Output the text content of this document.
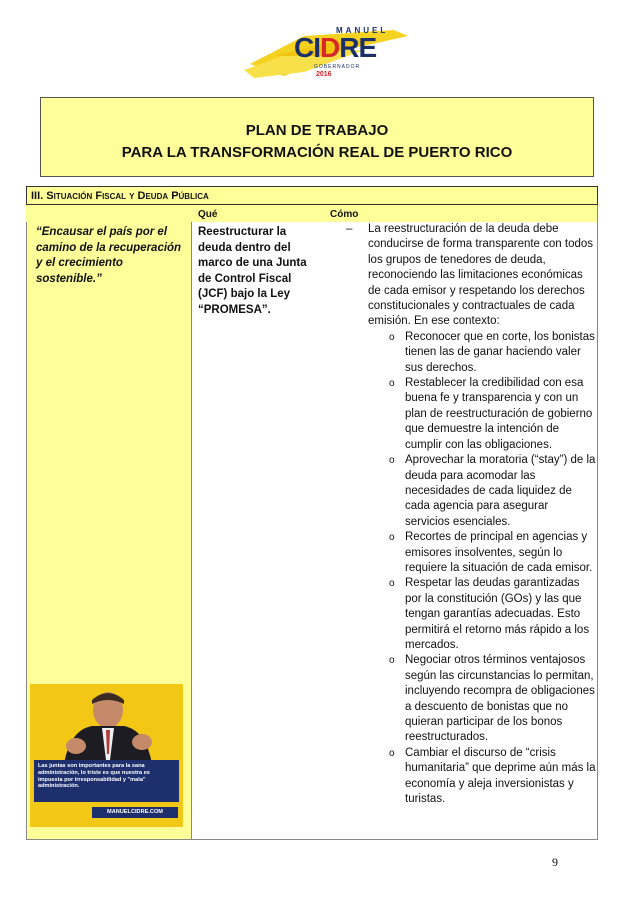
MANUEL
CIDRE
GOBERNADOR
2016
PLAN DE TRABAJO
PARA LA TRANSFORMACIÓN REAL DE PUERTO RICO
III. Situación Fiscal y Deuda Pública
Qué	Cómo
“Encausar el país por el camino de la recuperación y el crecimiento sostenible.”
Reestructurar la deuda dentro del marco de una Junta de Control Fiscal (JCF) bajo la Ley “PROMESA”.
Las juntas son importantes para la sana administración, lo triste es que nuestra es impuesta por irresponsabilidad y "mala" administración.
MANUELCIDRE.COM
– La reestructuración de la deuda debe conducirse de forma transparente con todos los grupos de tenedores de deuda, reconociendo las limitaciones económicas de cada emisor y respetando los derechos constitucionales y contractuales de cada emisión. En ese contexto:
o Reconocer que en corte, los bonistas tienen las de ganar haciendo valer sus derechos.
o Restablecer la credibilidad con esa buena fe y transparencia y con un plan de reestructuración de gobierno que demuestre la intención de cumplir con las obligaciones.
o Aprovechar la moratoria (“stay”) de la deuda para acomodar las necesidades de cada liquidez de cada agencia para asegurar servicios esenciales.
o Recortes de principal en agencias y emisores insolventes, según lo requiere la situación de cada emisor.
o Respetar las deudas garantizadas por la constitución (GOs) y las que tengan garantías adecuadas. Esto permitirá el retorno más rápido a los mercados.
o Negociar otros términos ventajosos según las circunstancias lo permitan, incluyendo recompra de obligaciones a descuento de bonistas que no quieran participar de los bonos reestructurados.
o Cambiar el discurso de “crisis humanitaria” que deprime aún más la economía y aleja inversionistas y turistas.
9
